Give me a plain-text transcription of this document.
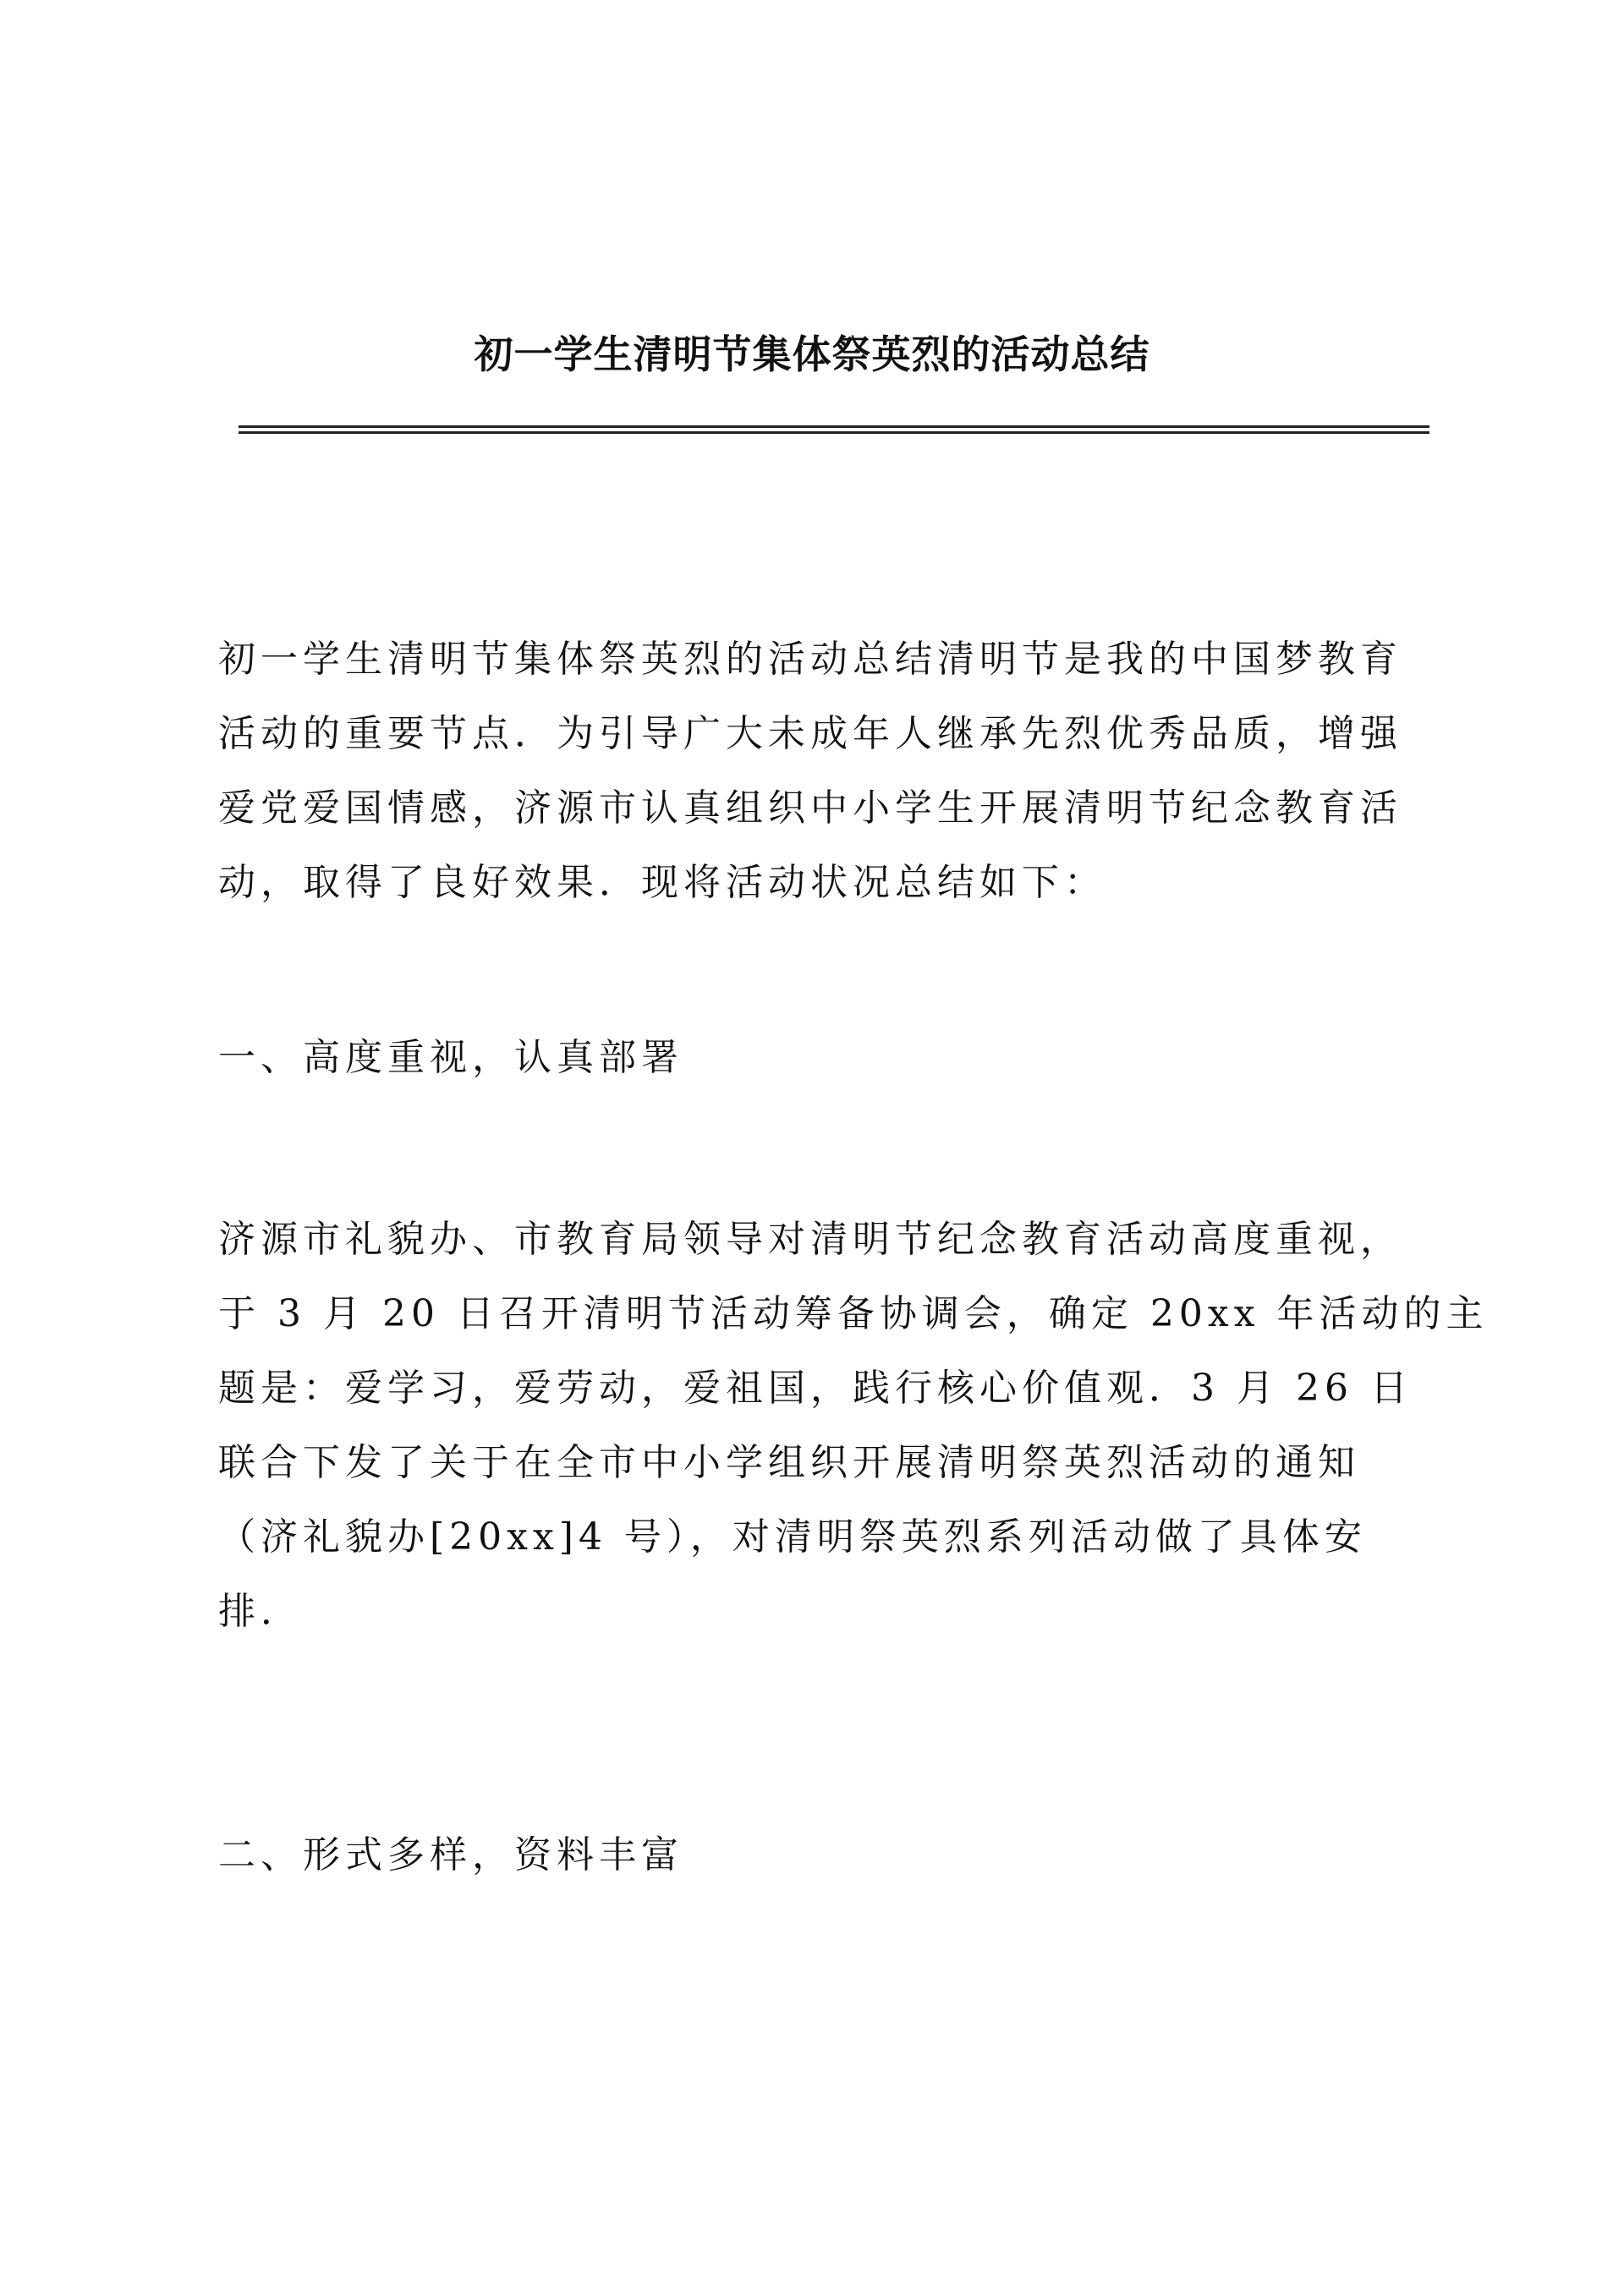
初一学生清明节集体祭英烈的活动总结

初一学生清明节集体祭英烈的活动总结清明节是我的中国梦教育
活动的重要节点．为引导广大未成年人继承先烈优秀品质，增强
爱党爱国情感，济源市认真组织中小学生开展清明节纪念教育活
动，取得了良好效果．现将活动状况总结如下：

一、高度重视，认真部署

济源市礼貌办、市教育局领导对清明节纪念教育活动高度重视，
于 3 月 20 日召开清明节活动筹备协调会，确定 20xx 年活动的主
题是：爱学习，爱劳动，爱祖国，践行核心价值观．3 月 26 日
联合下发了关于在全市中小学组织开展清明祭英烈活动的通知
（济礼貌办[20xx]4 号），对清明祭英烈系列活动做了具体安
排．

二、形式多样，资料丰富
